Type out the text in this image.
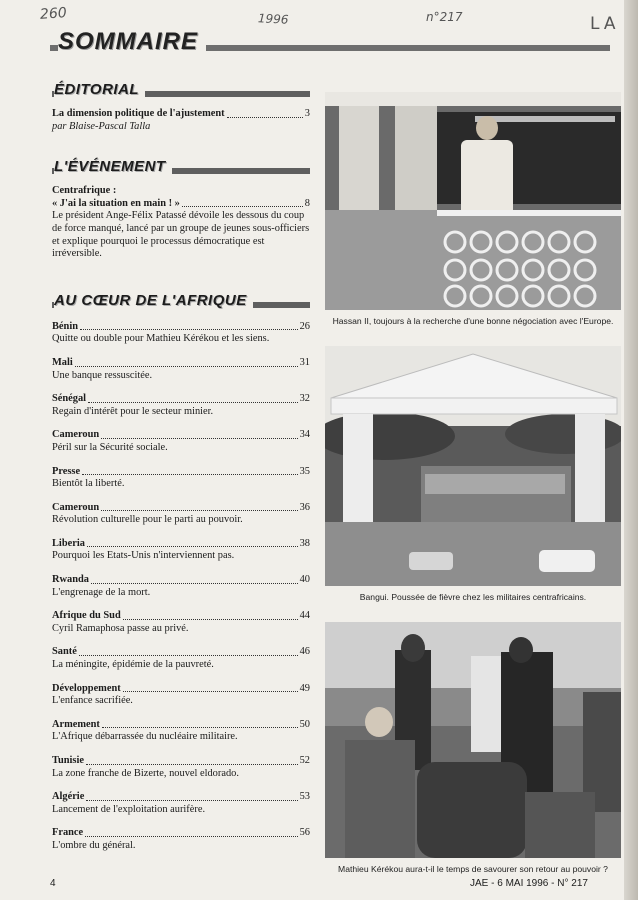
260	1996	n°217	LA
SOMMAIRE
ÉDITORIAL
La dimension politique de l'ajustement	3
par Blaise-Pascal Talla
L'ÉVÉNEMENT
Centrafrique :
« J'ai la situation en main ! »	8
Le président Ange-Félix Patassé dévoile les dessous du coup de force manqué, lancé par un groupe de jeunes sous-officiers et explique pourquoi le processus démocratique est irréversible.
AU CŒUR DE L'AFRIQUE
Bénin	26
Quitte ou double pour Mathieu Kérékou et les siens.
Mali	31
Une banque ressuscitée.
Sénégal	32
Regain d'intérêt pour le secteur minier.
Cameroun	34
Péril sur la Sécurité sociale.
Presse	35
Bientôt la liberté.
Cameroun	36
Révolution culturelle pour le parti au pouvoir.
Liberia	38
Pourquoi les Etats-Unis n'interviennent pas.
Rwanda	40
L'engrenage de la mort.
Afrique du Sud	44
Cyril Ramaphosa passe au privé.
Santé	46
La méningite, épidémie de la pauvreté.
Développement	49
L'enfance sacrifiée.
Armement	50
L'Afrique débarrassée du nucléaire militaire.
Tunisie	52
La zone franche de Bizerte, nouvel eldorado.
Algérie	53
Lancement de l'exploitation aurifère.
France	56
L'ombre du général.
Hassan II, toujours à la recherche d'une bonne négociation avec l'Europe.
Bangui. Poussée de fièvre chez les militaires centrafricains.
Mathieu Kérékou aura-t-il le temps de savourer son retour au pouvoir ?
4	JAE - 6 MAI 1996 - N° 217
